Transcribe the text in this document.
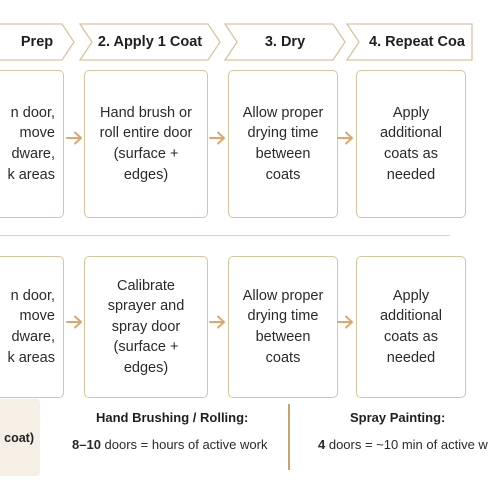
Prep	2. Apply 1 Coat	3. Dry	4. Repeat Coa
n door,
move
dware,
k areas
Hand brush or
roll entire door
(surface +
edges)
Allow proper
drying time
between
coats
Apply
additional
coats as
needed
n door,
move
dware,
k areas
Calibrate
sprayer and
spray door
(surface +
edges)
Allow proper
drying time
between
coats
Apply
additional
coats as
needed
coat)
Hand Brushing / Rolling:
8–10 doors = hours of active work
Spray Painting:
4 doors = ~10 min of active w
